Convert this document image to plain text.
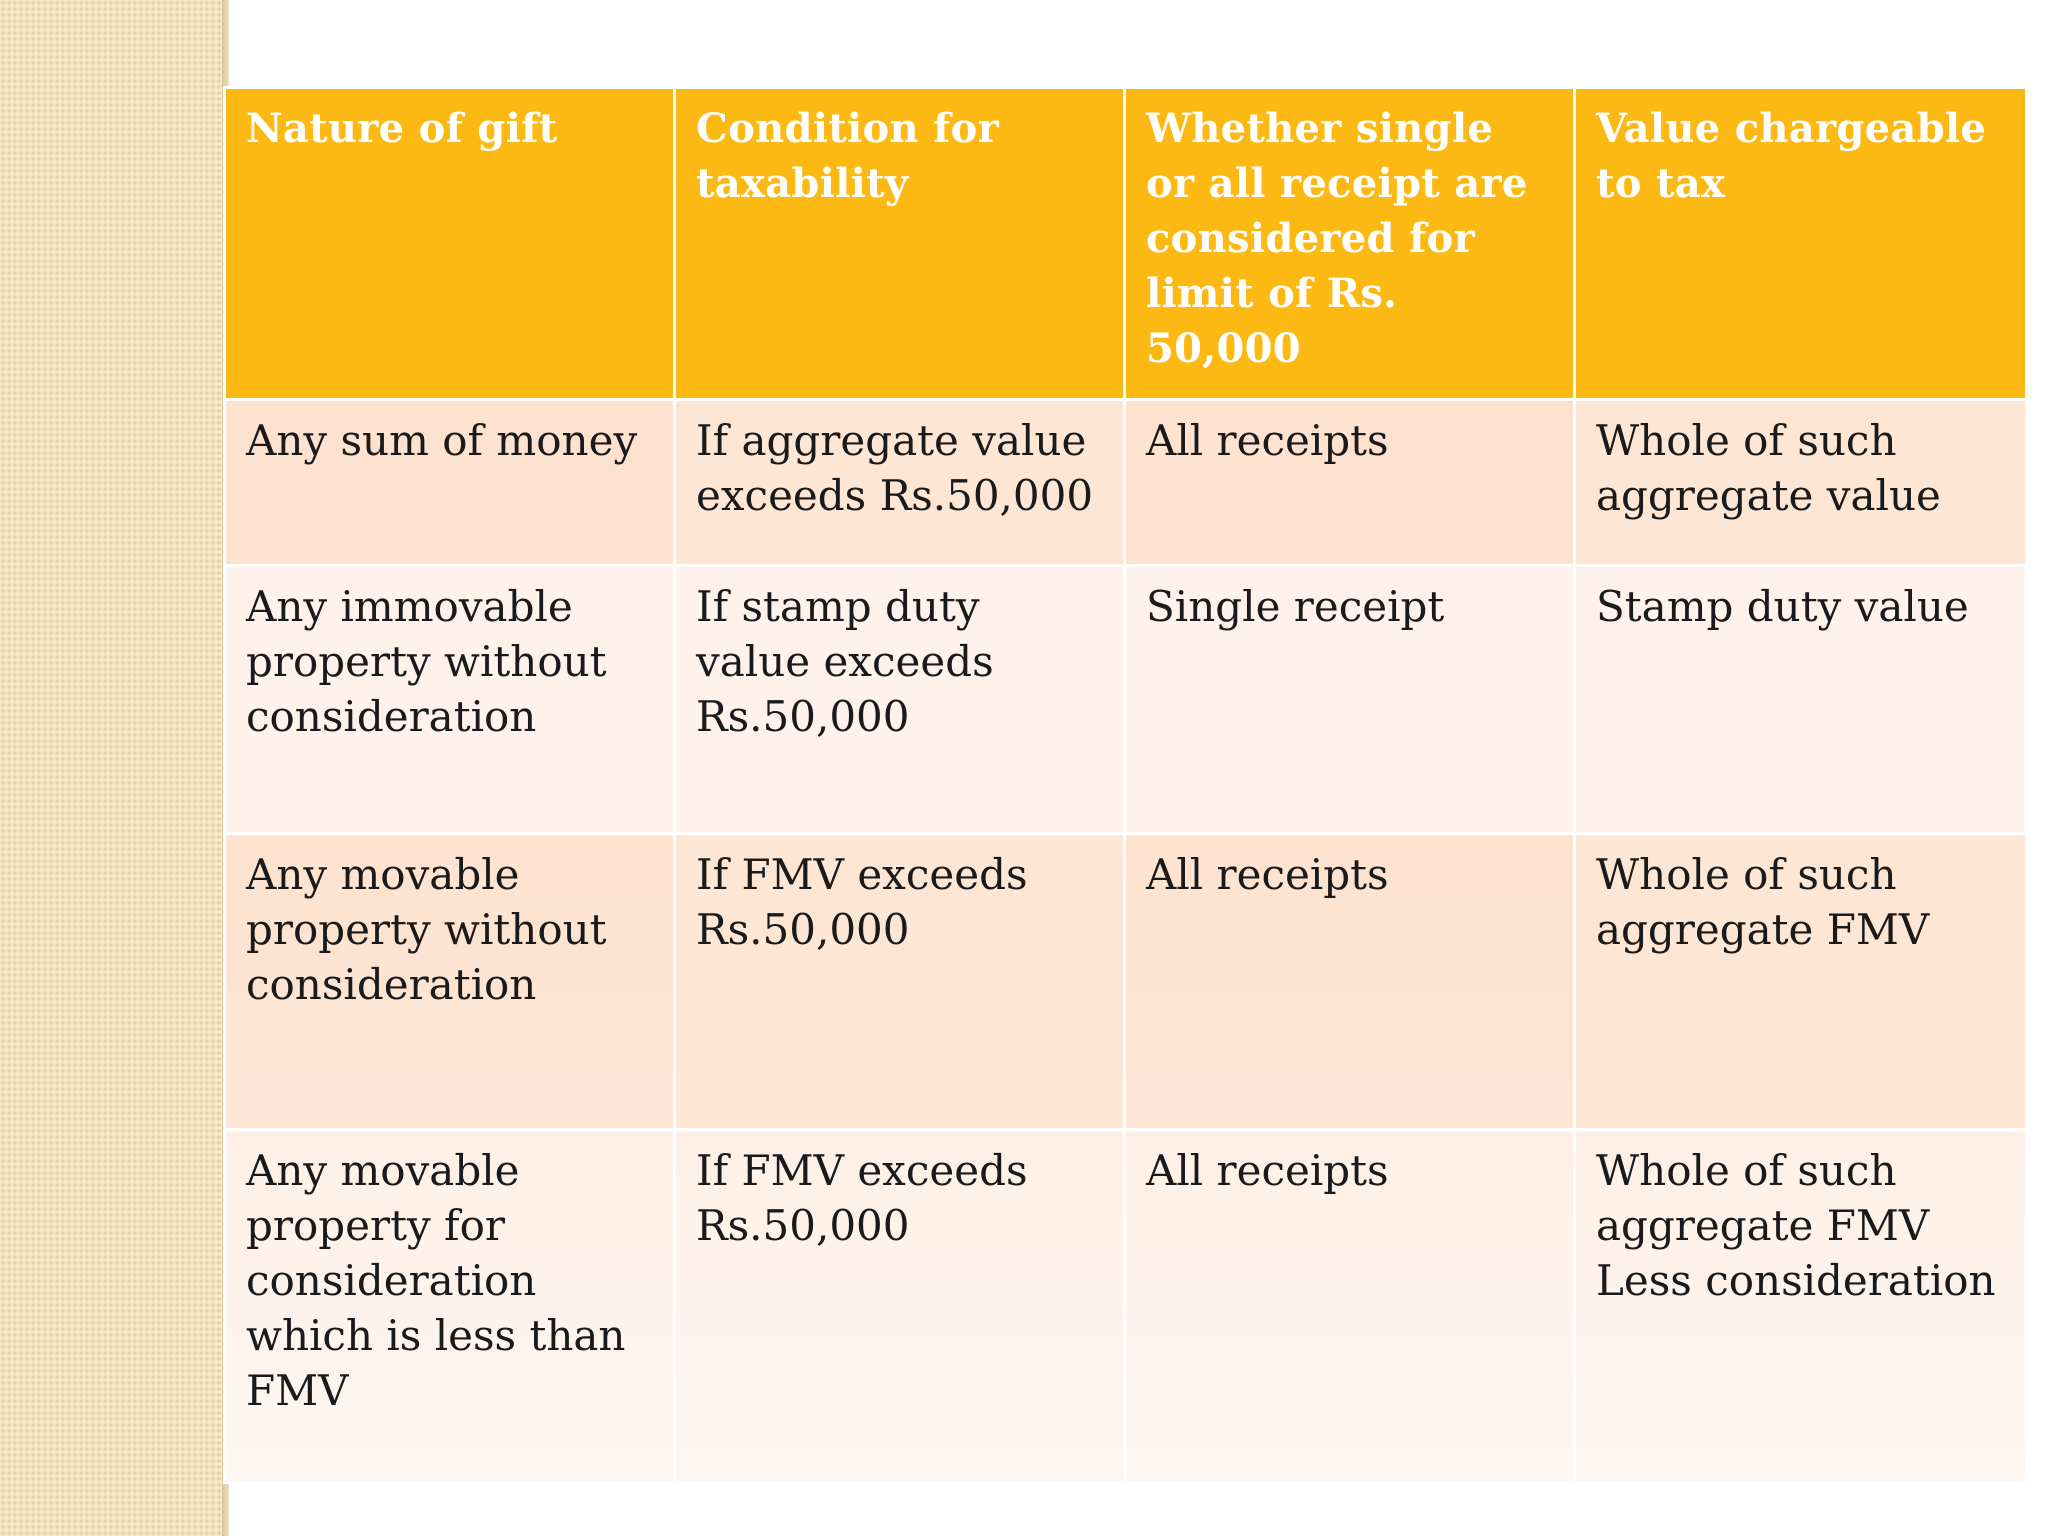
Nature of gift	Condition for taxability	Whether single or all receipt are considered for limit of Rs. 50,000	Value chargeable to tax
Any sum of money	If aggregate value exceeds Rs.50,000	All receipts	Whole of such aggregate value
Any immovable property without consideration	If stamp duty value exceeds Rs.50,000	Single receipt	Stamp duty value
Any movable property without consideration	If FMV exceeds Rs.50,000	All receipts	Whole of such aggregate FMV
Any movable property for consideration which is less than FMV	If FMV exceeds Rs.50,000	All receipts	Whole of such aggregate FMV Less consideration
